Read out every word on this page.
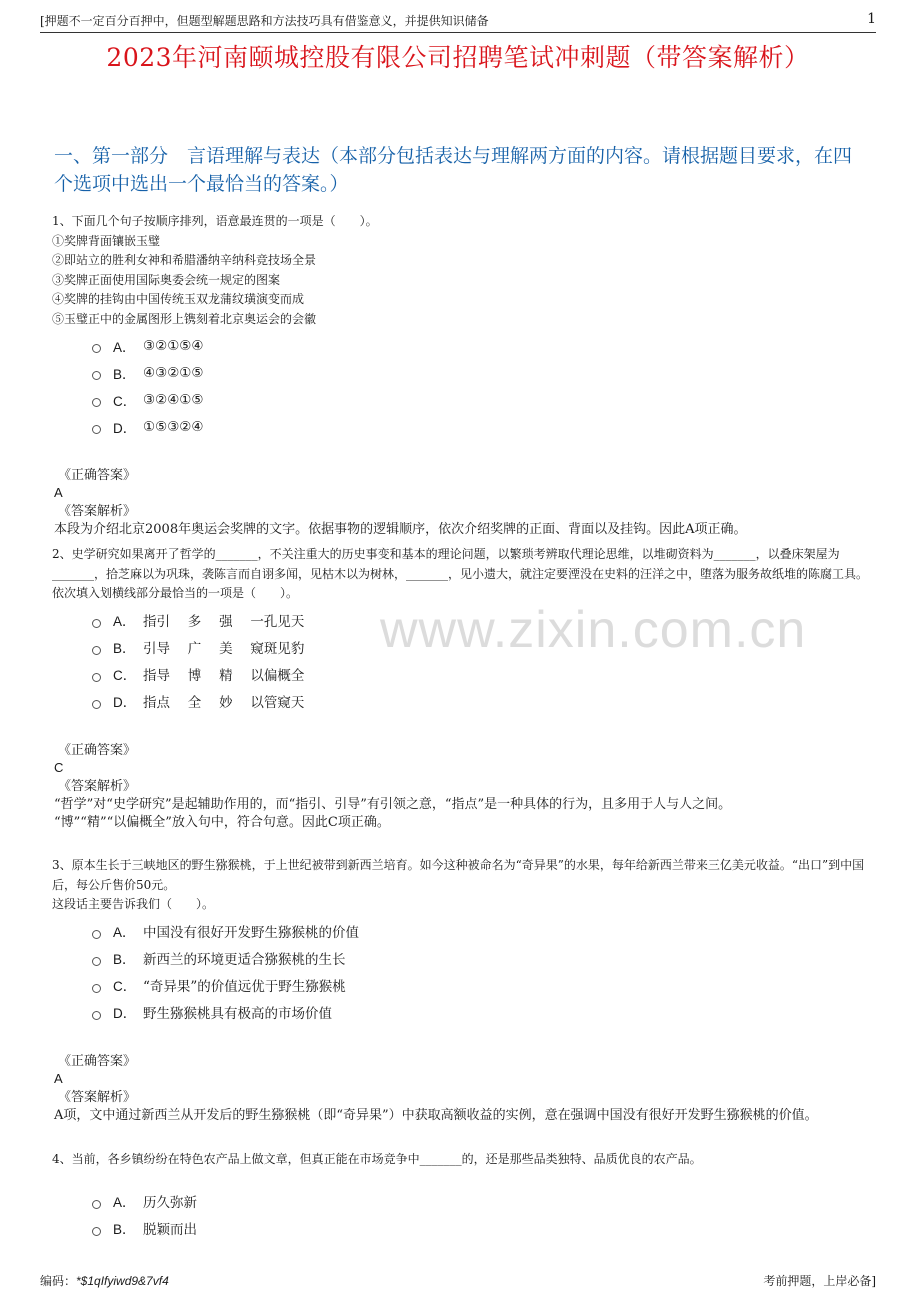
[押题不一定百分百押中，但题型解题思路和方法技巧具有借鉴意义，并提供知识储备	1
2023年河南颐城控股有限公司招聘笔试冲刺题（带答案解析）
一、第一部分　言语理解与表达（本部分包括表达与理解两方面的内容。请根据题目要求，在四个选项中选出一个最恰当的答案。）
www.zixin.com.cn

1、下面几个句子按顺序排列，语意最连贯的一项是（　　）。

①奖牌背面镶嵌玉璧

②即站立的胜利女神和希腊潘纳辛纳科竞技场全景

③奖牌正面使用国际奥委会统一规定的图案

④奖牌的挂钩由中国传统玉双龙蒲纹璜演变而成

⑤玉璧正中的金属图形上镌刻着北京奥运会的会徽

A． ③②①⑤④
B． ④③②①⑤
C． ③②④①⑤
D． ①⑤③②④
《正确答案》
A
《答案解析》

本段为介绍北京2008年奥运会奖牌的文字。依据事物的逻辑顺序，依次介绍奖牌的正面、背面以及挂钩。因此A项正确。

2、史学研究如果离开了哲学的_______，不关注重大的历史事变和基本的理论问题，以繁琐考辨取代理论思维，以堆砌资料为_______，以叠床架屋为_______，拾芝麻以为巩珠，袭陈言而自诩多闻，见枯木以为树林，_______，见小遗大，就注定要湮没在史料的汪洋之中，堕落为服务故纸堆的陈腐工具。

依次填入划横线部分最恰当的一项是（　　）。

A． 指引　 多　 强　 一孔见天
B． 引导　 广　 美　 窥斑见豹
C． 指导　 博　 精　 以偏概全
D． 指点　 全　 妙　 以管窥天
《正确答案》
C
《答案解析》

“哲学”对“史学研究”是起辅助作用的，而“指引、引导”有引领之意，“指点”是一种具体的行为，且多用于人与人之间。

“博”“精”“以偏概全”放入句中，符合句意。因此C项正确。

3、原本生长于三峡地区的野生猕猴桃，于上世纪被带到新西兰培育。如今这种被命名为“奇异果”的水果，每年给新西兰带来三亿美元收益。“出口”到中国后，每公斤售价50元。

这段话主要告诉我们（　　）。

A． 中国没有很好开发野生猕猴桃的价值
B． 新西兰的环境更适合猕猴桃的生长
C． “奇异果”的价值远优于野生猕猴桃
D． 野生猕猴桃具有极高的市场价值
《正确答案》
A
《答案解析》

A项，文中通过新西兰从开发后的野生猕猴桃（即“奇异果”）中获取高额收益的实例，意在强调中国没有很好开发野生猕猴桃的价值。

4、当前，各乡镇纷纷在特色农产品上做文章，但真正能在市场竞争中_______的，还是那些品类独特、品质优良的农产品。

A． 历久弥新
B． 脱颖而出
编码：*$1qIfyiwd9&7vf4	考前押题，上岸必备]
